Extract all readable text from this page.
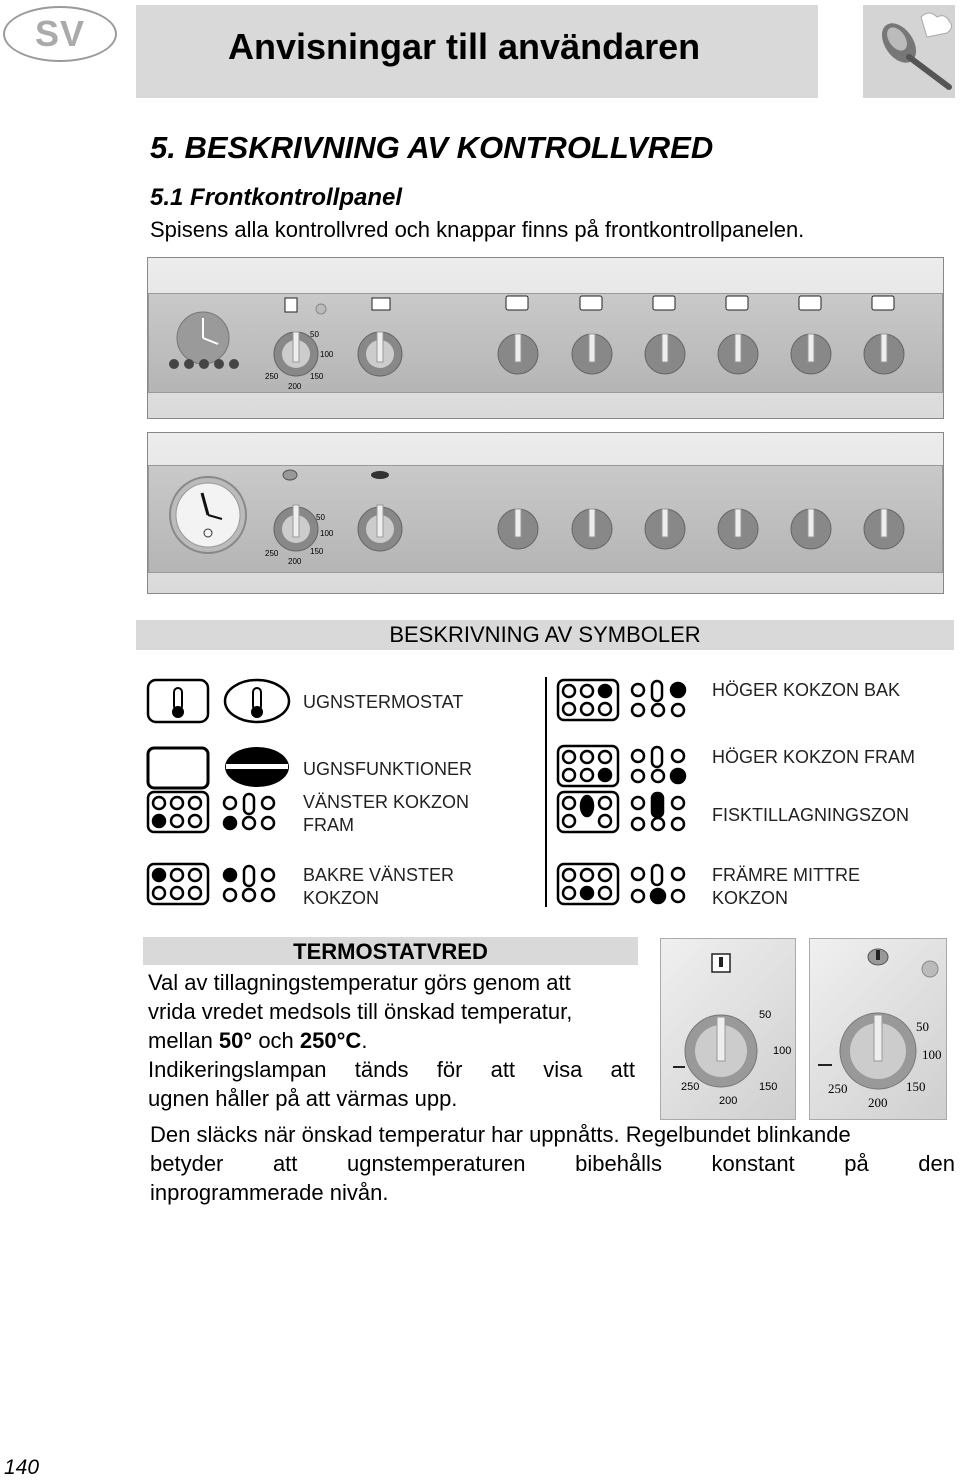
SV	Anvisningar till användaren
5. BESKRIVNING AV KONTROLLVRED
5.1 Frontkontrollpanel
Spisens alla kontrollvred och knappar finns på frontkontrollpanelen.
50
100
150
200
250
50
100
150
200
250
BESKRIVNING AV SYMBOLER
UGNSTERMOSTAT
UGNSFUNKTIONER
VÄNSTER KOKZON FRAM
BAKRE VÄNSTER KOKZON
HÖGER KOKZON BAK
HÖGER KOKZON FRAM
FISKTILLAGNINGSZON
FRÄMRE MITTRE KOKZON
TERMOSTATVRED

Val av tillagningstemperatur görs genom att

vrida vredet medsols till önskad temperatur,

mellan 50° och 250°C.

Indikeringslampan tänds för att visa att

ugnen håller på att värmas upp.

50
100
150
200
250
50
100
150
200
250

Den släcks när önskad temperatur har uppnåtts. Regelbundet blinkande

betyder att ugnstemperaturen bibehålls konstant på den

inprogrammerade nivån.

140
